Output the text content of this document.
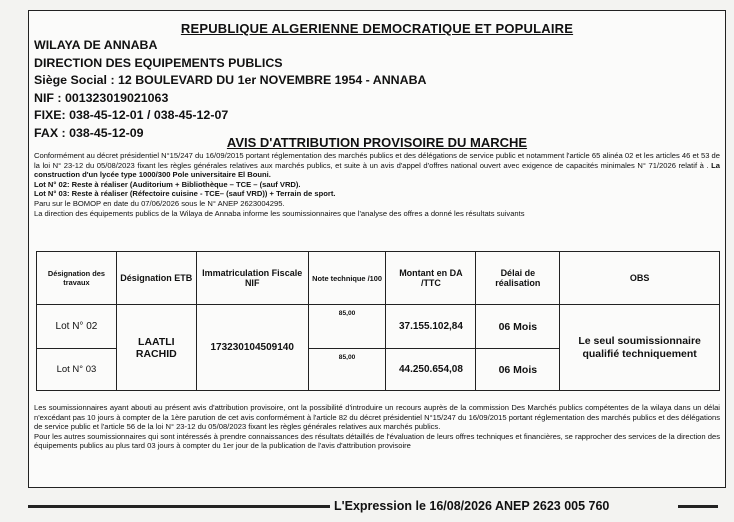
REPUBLIQUE ALGERIENNE DEMOCRATIQUE ET POPULAIRE
WILAYA DE ANNABA
DIRECTION DES EQUIPEMENTS PUBLICS
Siège Social : 12 BOULEVARD DU 1er NOVEMBRE 1954 - ANNABA
NIF : 001323019021063
FIXE: 038-45-12-01 / 038-45-12-07
FAX : 038-45-12-09
AVIS D'ATTRIBUTION PROVISOIRE DU MARCHE

Conformément au décret présidentiel N°15/247 du 16/09/2015 portant réglementation des marchés publics et des délégations de service public et notamment l'article 65 alinéa 02 et les articles 46 et 53 de la loi N° 23-12 du 05/08/2023 fixant les règles générales relatives aux marchés publics, et suite à un avis d'appel d'offres national ouvert avec exigence de capacités minimales N° 71/2026 relatif à . La construction d'un lycée type 1000/300 Pole universitaire El Bouni.

Lot N° 02: Reste à réaliser (Auditorium + Bibliothèque – TCE – (sauf VRD).

Lot N° 03: Reste à réaliser (Réfectoire cuisine - TCE– (sauf VRD)) + Terrain de sport.

Paru sur le BOMOP en date du 07/06/2026 sous le N° ANEP 2623004295.

La direction des équipements publics de la Wilaya de Annaba informe les soumissionnaires que l'analyse des offres a donné les résultats suivants

Désignation des travaux	Désignation ETB	Immatriculation Fiscale NIF	Note technique /100	Montant en DA /TTC	Délai de réalisation	OBS
Lot N° 02	LAATLI RACHID	173230104509140	85,00	37.155.102,84	06 Mois	Le seul soumissionnaire qualifié techniquement
Lot N° 03			85,00	44.250.654,08	06 Mois	

Les soumissionnaires ayant abouti au présent avis d'attribution provisoire, ont la possibilité d'introduire un recours auprès de la commission Des Marchés publics compétentes de la wilaya dans un délai n'excédant pas 10 jours à compter de la 1ère parution de cet avis conformément à l'article 82 du décret présidentiel N°15/247 du 16/09/2015 portant réglementation des marchés publics et des délégations de service public et l'article 56 de la loi N° 23-12 du 05/08/2023 fixant les règles générales relatives aux marchés publics.

Pour les autres soumissionnaires qui sont intéressés à prendre connaissances des résultats détaillés de l'évaluation de leurs offres techniques et financières, se rapprocher des services de la direction des équipements publics au plus tard 03 jours à compter du 1er jour de la publication de l'avis d'attribution provisoire

L'Expression le 16/08/2026 ANEP 2623 005 760
